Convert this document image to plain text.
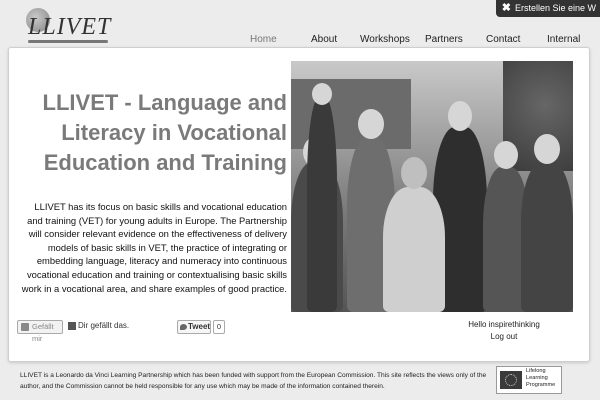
✖ Erstellen Sie eine W
LLIVET	Home	About Workshops Partners Contact	Internal
LLIVET - Language and Literacy in Vocational Education and Training

LLIVET has its focus on basic skills and vocational education and training (VET) for young adults in Europe. The Partnership will consider relevant evidence on the effectiveness of delivery models of basic skills in VET, the practice of integrating or embedding language, literacy and numeracy into continuous vocational education and training or contextualising basic skills work in a vocational area, and share examples of good practice.

Gefällt mir
Dir gefällt das.	Tweet 0	Hello inspirethinking
Log out

LLIVET is a Leonardo da Vinci Learning Partnership which has been funded with support from the European Commission. This site reflects the views only of the author, and the Commission cannot be held responsible for any use which may be made of the information contained therein.

Lifelong
Learning
Programme
